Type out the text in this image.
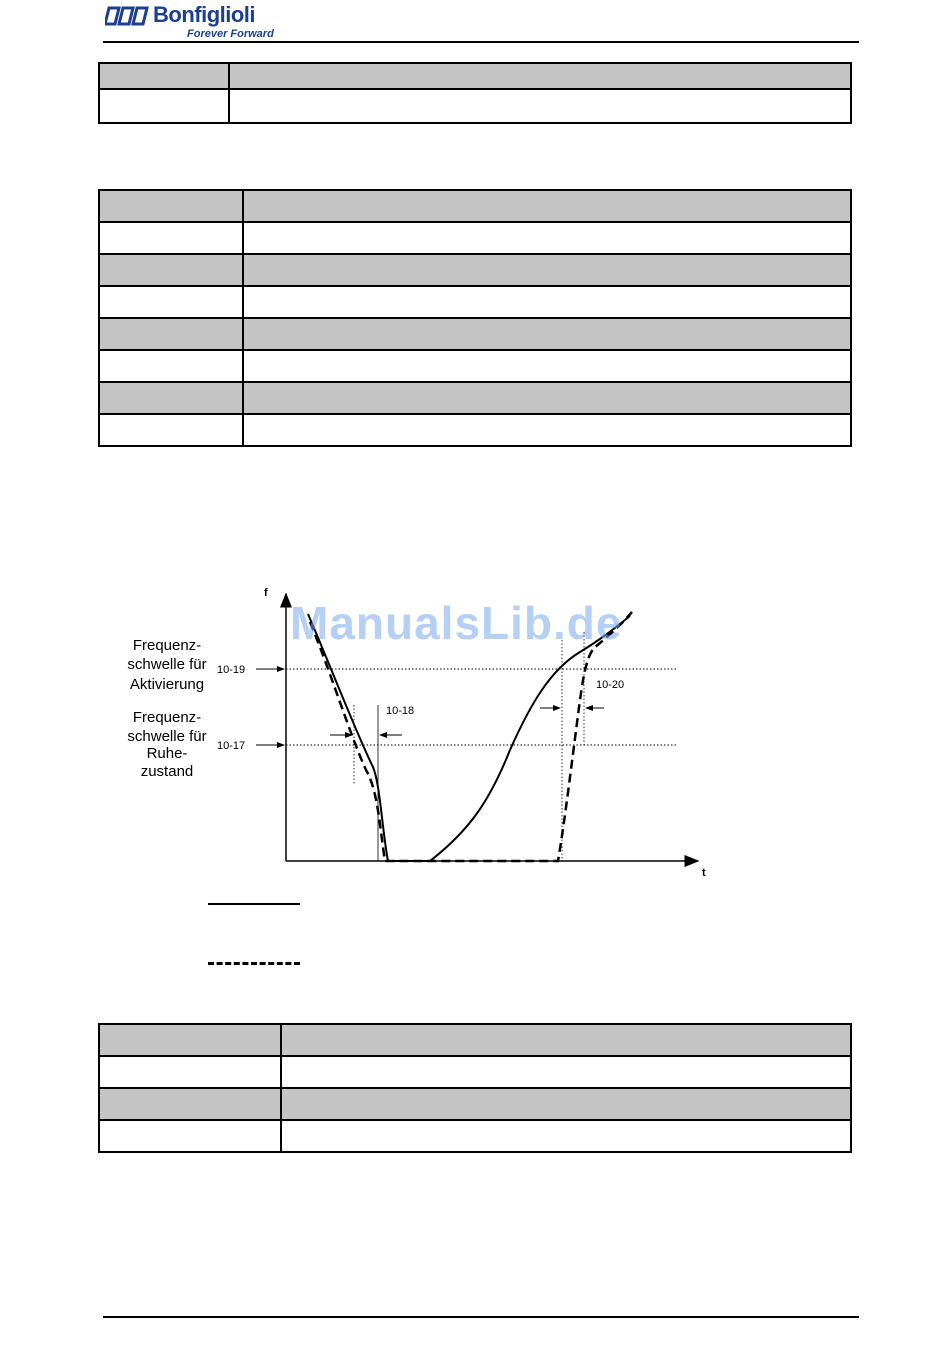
Bonfiglioli
Forever Forward

f
t
10-19
10-17
Frequenz-
schwelle für
Aktivierung
Frequenz-
schwelle für
Ruhe-
zustand
10-18
10-20
ManualsLib.de
